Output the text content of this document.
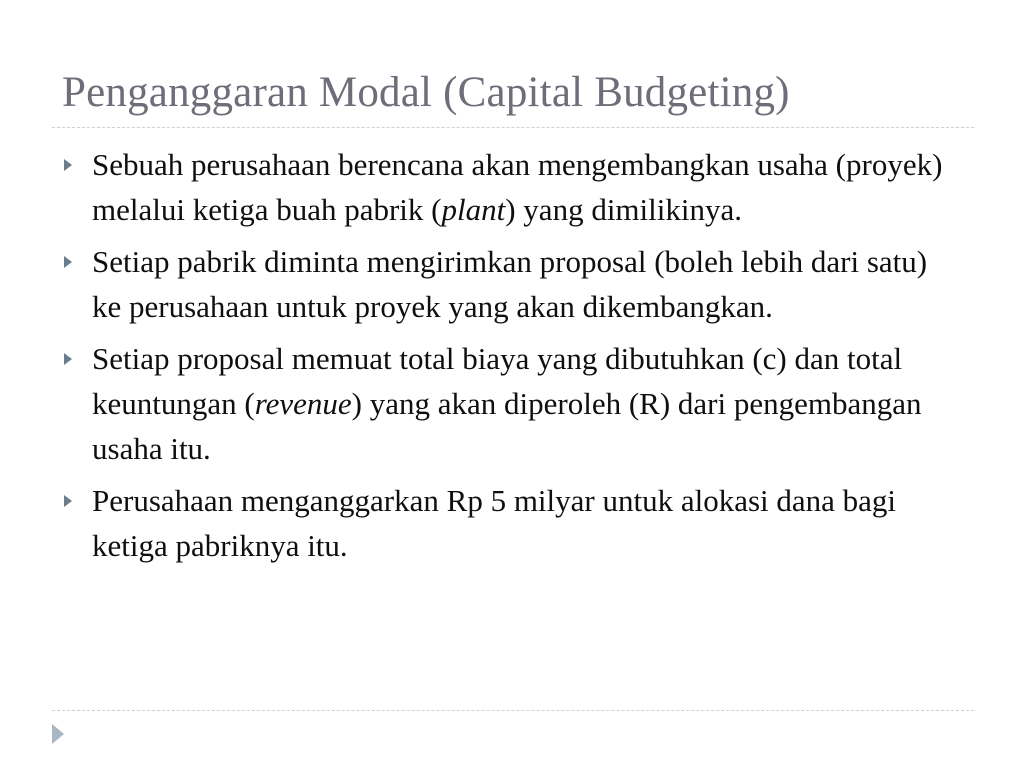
Penganggaran Modal (Capital Budgeting)
Sebuah perusahaan berencana akan mengembangkan usaha (proyek) melalui ketiga buah pabrik (plant) yang dimilikinya.
Setiap pabrik diminta mengirimkan proposal (boleh lebih dari satu) ke perusahaan untuk proyek yang akan dikembangkan.
Setiap proposal memuat total biaya yang dibutuhkan (c) dan total keuntungan (revenue) yang akan diperoleh (R) dari pengembangan usaha itu.
Perusahaan menganggarkan Rp 5 milyar untuk alokasi dana bagi ketiga pabriknya itu.
